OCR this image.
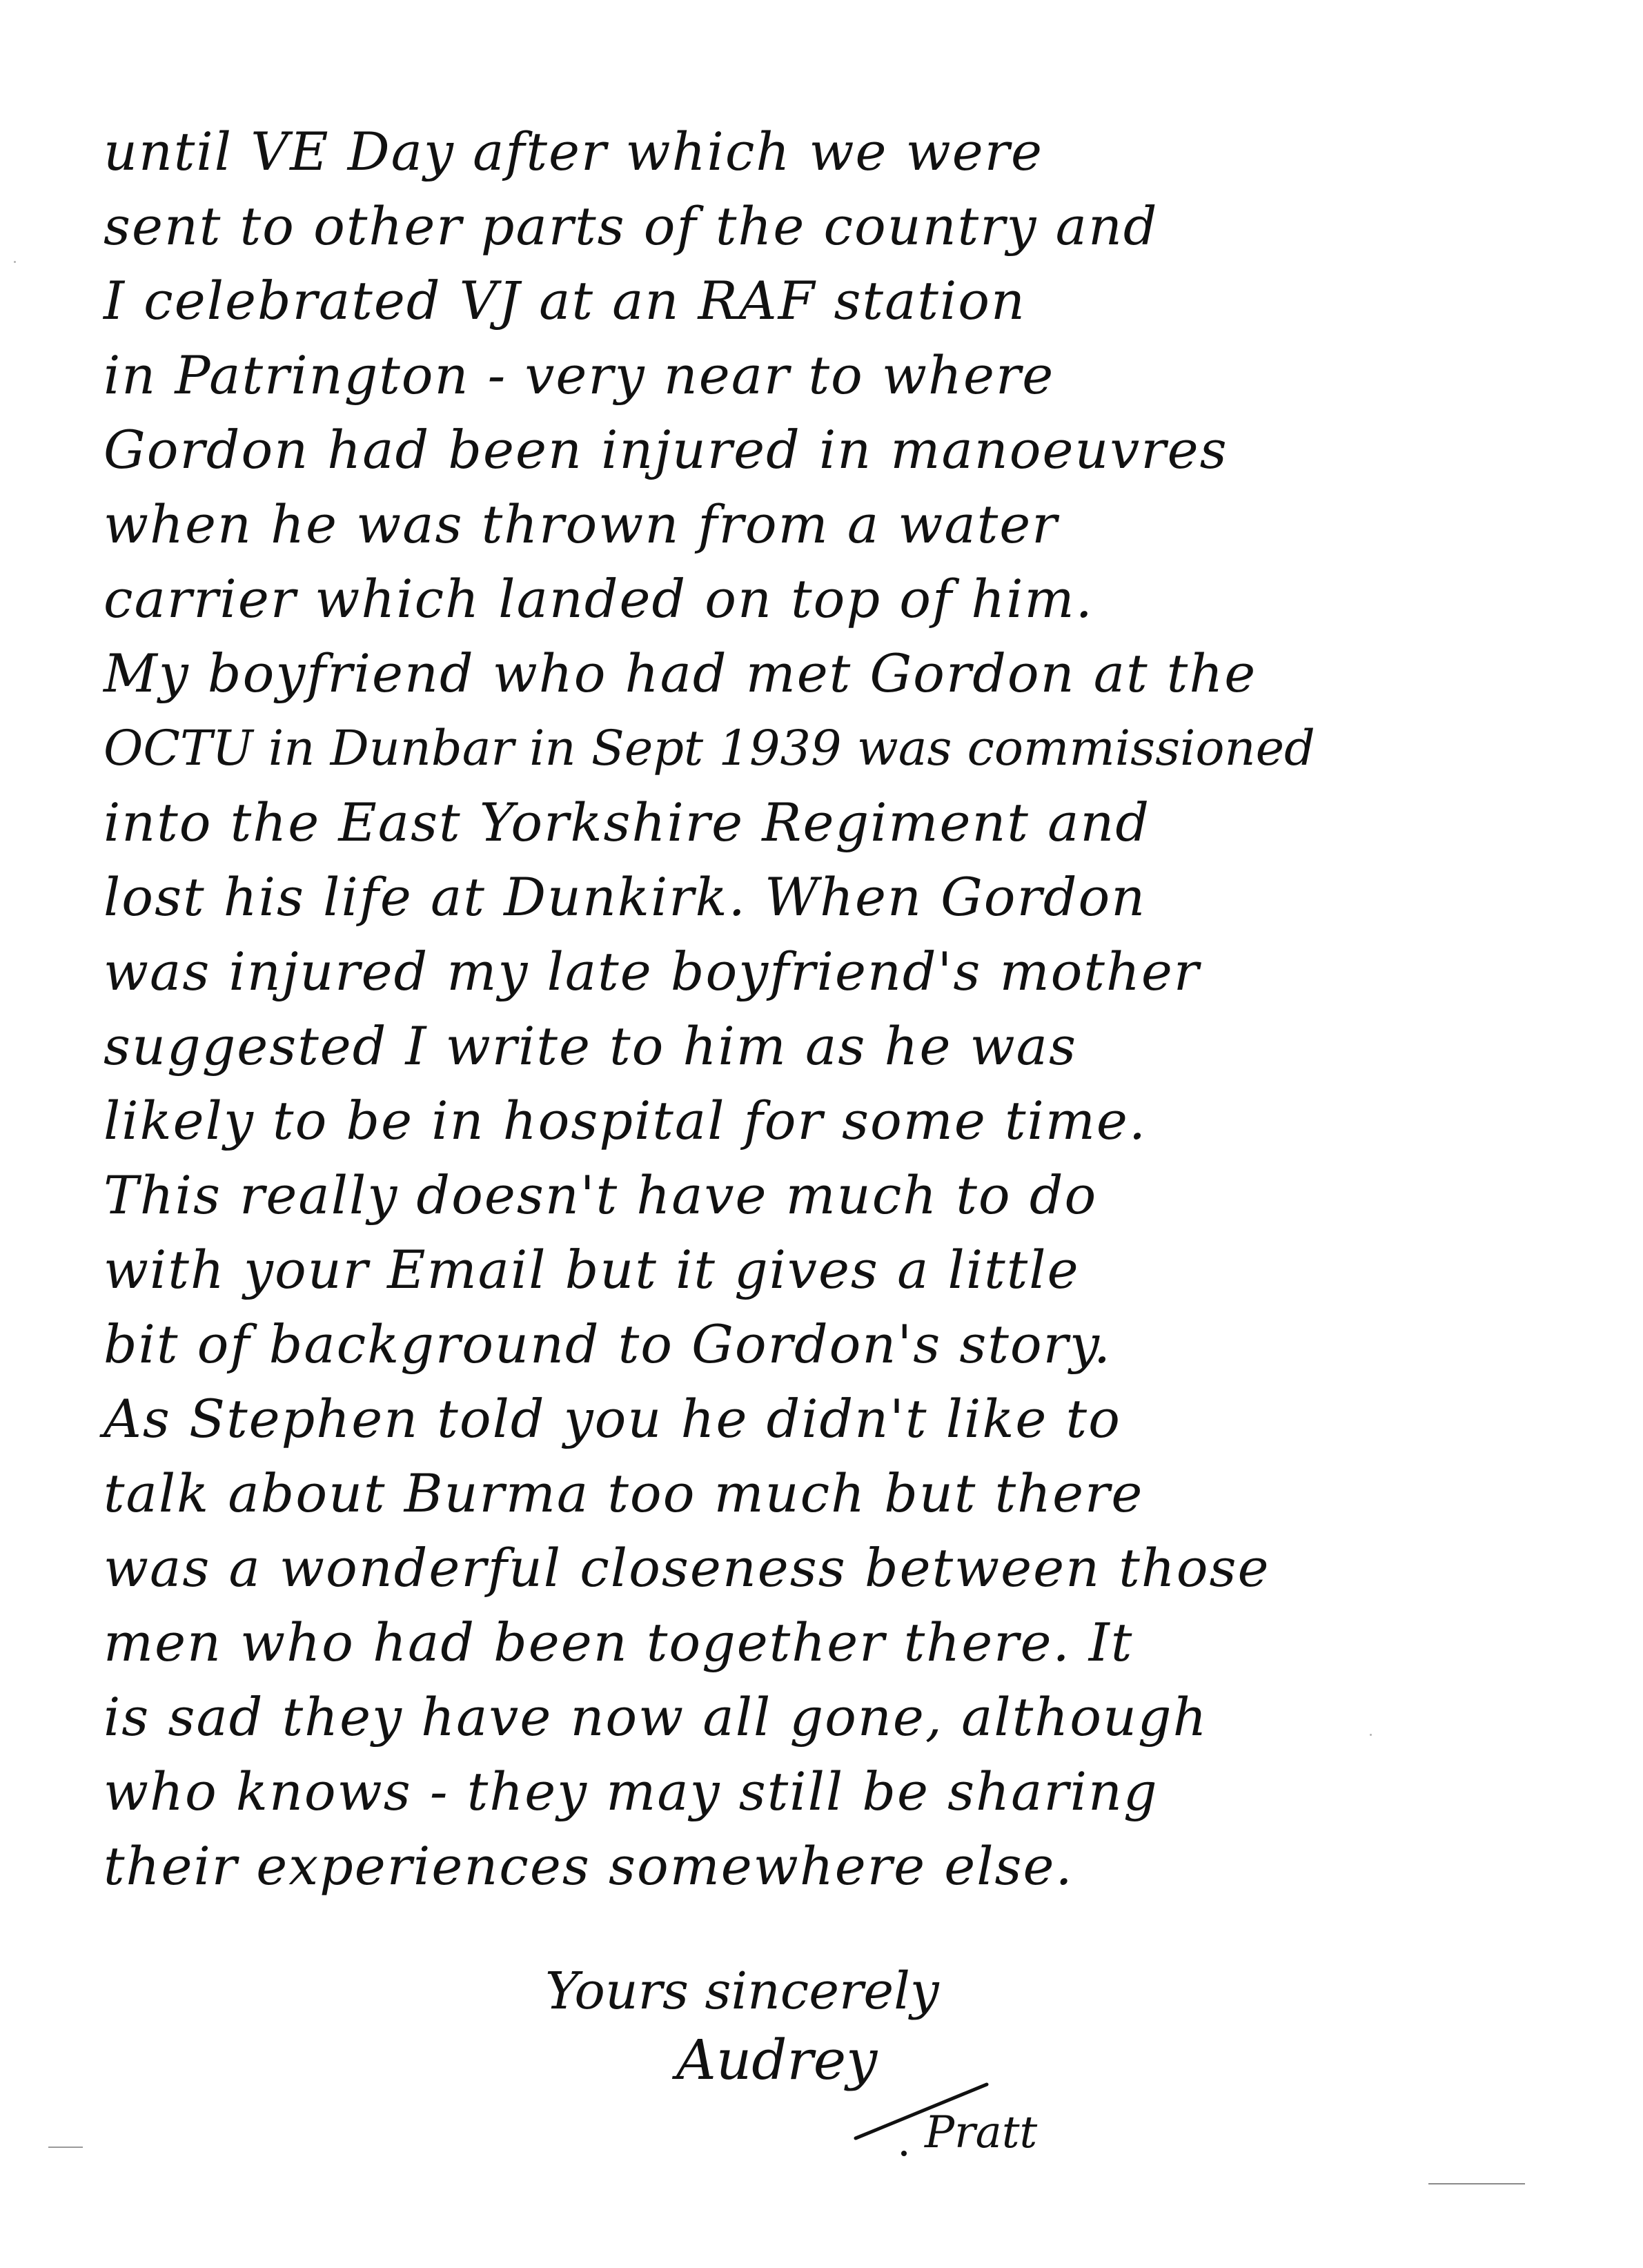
until VE Day after which we were
sent to other parts of the country and
I celebrated VJ at an RAF station
in Patrington - very near to where
Gordon had been injured in manoeuvres
when he was thrown from a water
carrier which landed on top of him.
My boyfriend who had met Gordon at the
OCTU in Dunbar in Sept 1939 was commissioned
into the East Yorkshire Regiment and
lost his life at Dunkirk. When Gordon
was injured my late boyfriend's mother
suggested I write to him as he was
likely to be in hospital for some time.
This really doesn't have much to do
with your Email but it gives a little
bit of background to Gordon's story.
As Stephen told you he didn't like to
talk about Burma too much but there
was a wonderful closeness between those
men who had been together there. It
is sad they have now all gone, although
who knows - they may still be sharing
their experiences somewhere else.
Yours sincerely
Audrey
Pratt
